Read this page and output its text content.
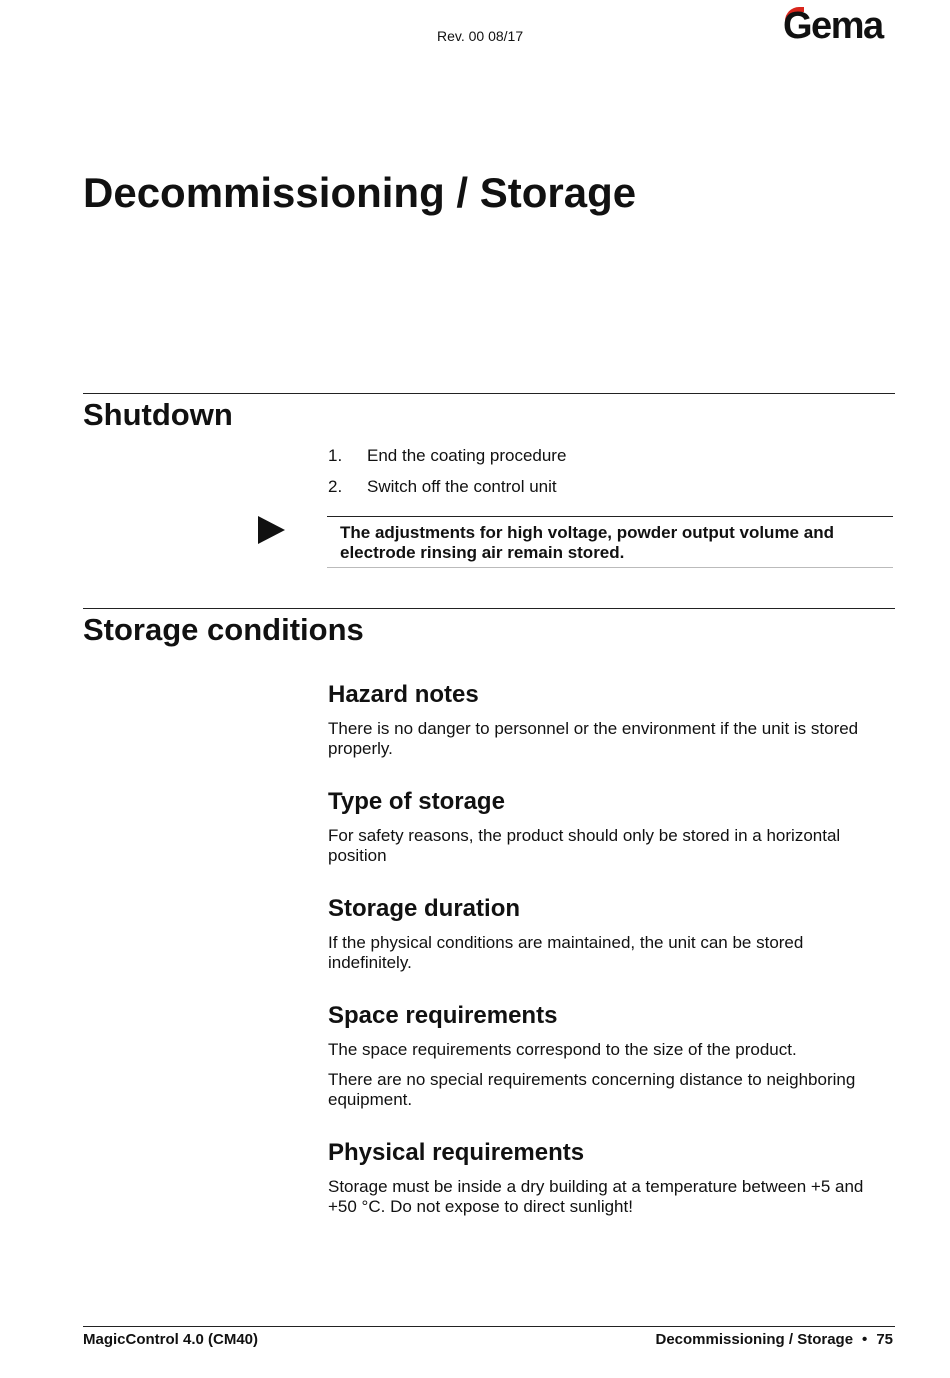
Rev. 00 08/17	Gema
Decommissioning / Storage
Shutdown
1. End the coating procedure
2. Switch off the control unit
The adjustments for high voltage, powder output volume and electrode rinsing air remain stored.
Storage conditions
Hazard notes

There is no danger to personnel or the environment if the unit is stored properly.

Type of storage

For safety reasons, the product should only be stored in a horizontal position

Storage duration

If the physical conditions are maintained, the unit can be stored indefinitely.

Space requirements

The space requirements correspond to the size of the product.

There are no special requirements concerning distance to neighboring equipment.

Physical requirements

Storage must be inside a dry building at a temperature between +5 and +50 °C. Do not expose to direct sunlight!

MagicControl 4.0 (CM40)	Decommissioning / Storage • 75
